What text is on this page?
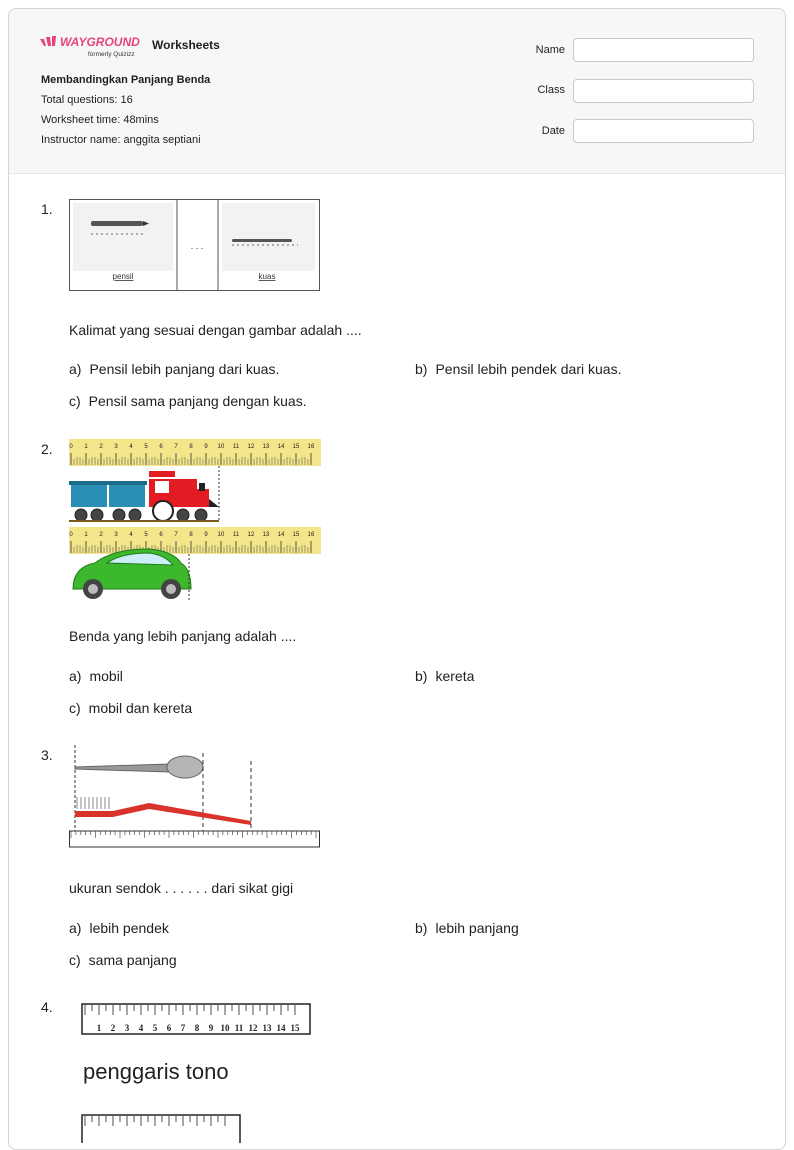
WAYGROUND
formerly Quizizz
Worksheets
Membandingkan Panjang Benda
Total questions: 16
Worksheet time: 48mins
Instructor name: anggita septiani
Name
Class
Date
1.
pensil
. . .
kuas
Kalimat yang sesuai dengan gambar adalah ....
a) Pensil lebih panjang dari kuas.	b) Pensil lebih pendek dari kuas.
c) Pensil sama panjang dengan kuas.
2.	0 1 2 3 4 5 6 7 8 9 10 11 12 13 14 15 16
0 1 2 3 4 5 6 7 8 9 10 11 12 13 14 15 16
Benda yang lebih panjang adalah ....
a) mobil	b) kereta
c) mobil dan kereta
3.
ukuran sendok . . . . . . dari sikat gigi
a) lebih pendek	b) lebih panjang
c) sama panjang
4.
1 2 3 4 5 6 7 8 9 10 11 12 13 14 15
penggaris tono
